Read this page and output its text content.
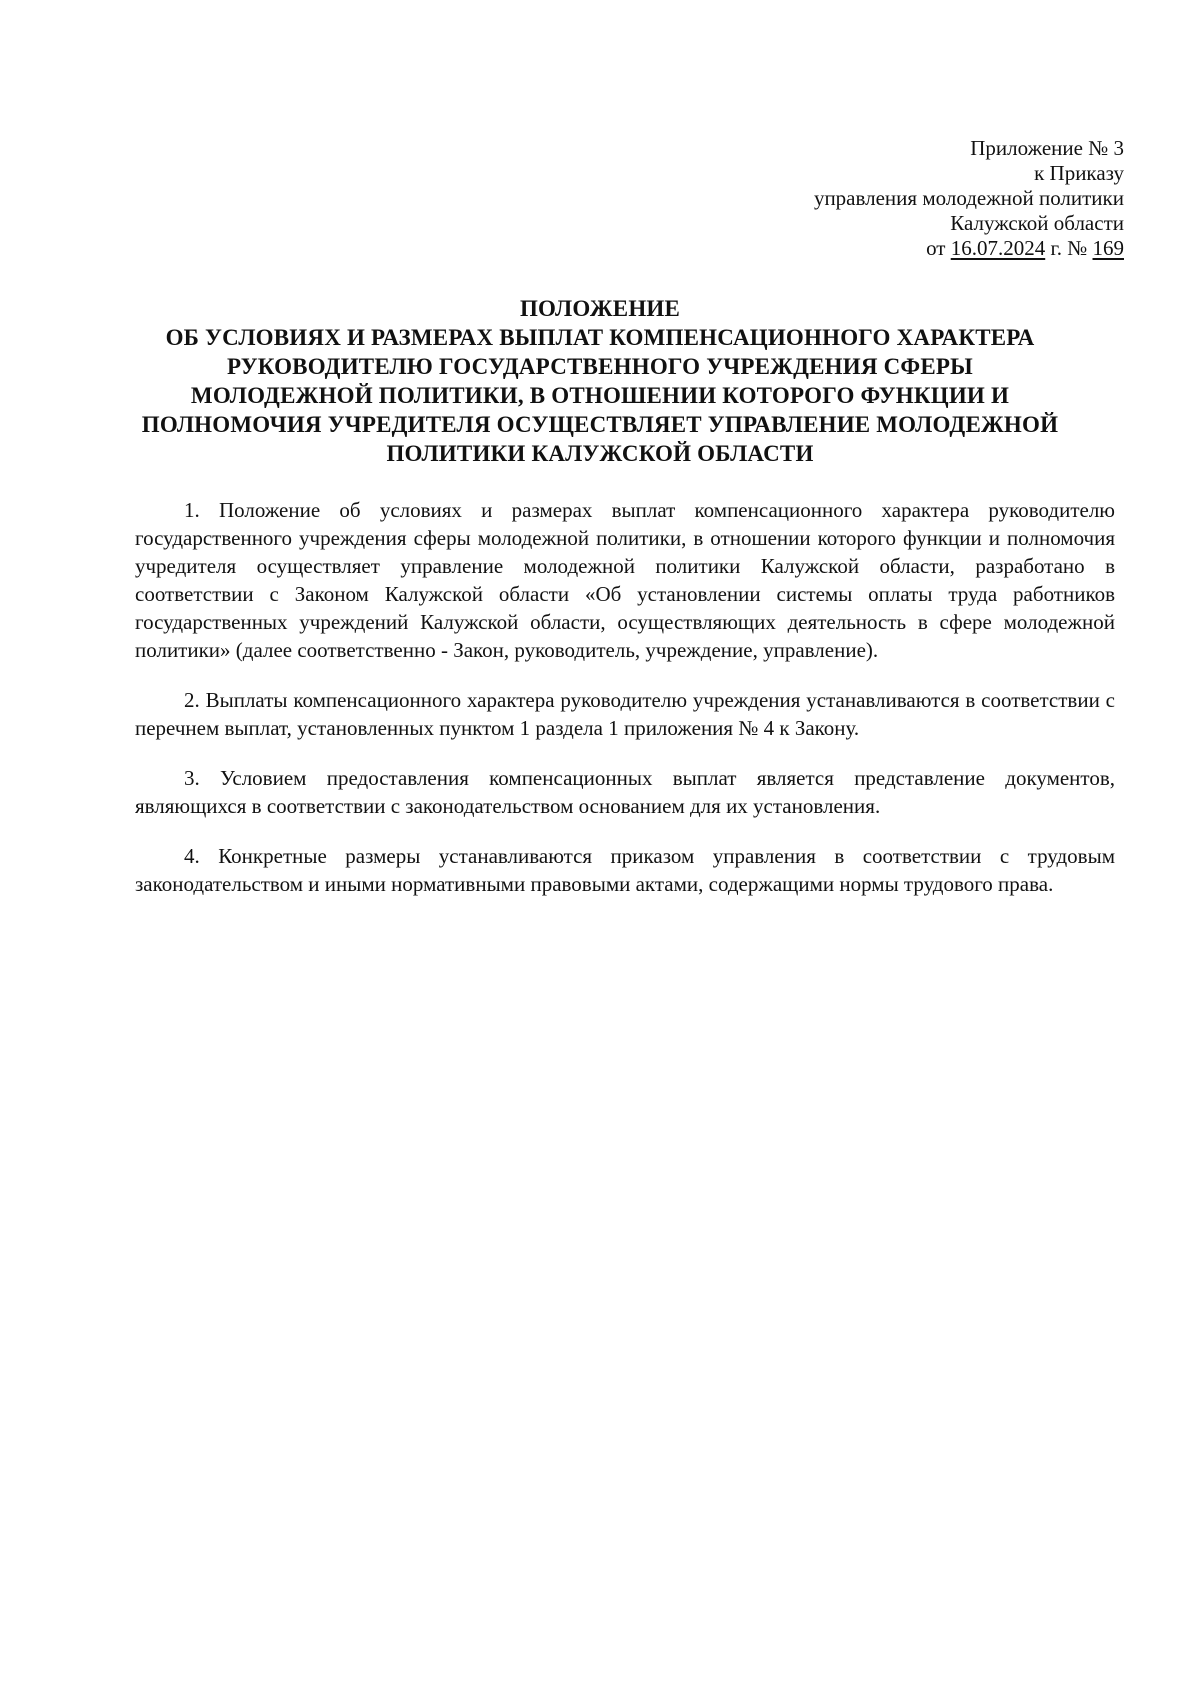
Приложение № 3
к Приказу
управления молодежной политики
Калужской области
от 16.07.2024 г. № 169
ПОЛОЖЕНИЕ
ОБ УСЛОВИЯХ И РАЗМЕРАХ ВЫПЛАТ КОМПЕНСАЦИОННОГО ХАРАКТЕРА
РУКОВОДИТЕЛЮ ГОСУДАРСТВЕННОГО УЧРЕЖДЕНИЯ СФЕРЫ
МОЛОДЕЖНОЙ ПОЛИТИКИ, В ОТНОШЕНИИ КОТОРОГО ФУНКЦИИ И
ПОЛНОМОЧИЯ УЧРЕДИТЕЛЯ ОСУЩЕСТВЛЯЕТ УПРАВЛЕНИЕ МОЛОДЕЖНОЙ
ПОЛИТИКИ КАЛУЖСКОЙ ОБЛАСТИ

1. Положение об условиях и размерах выплат компенсационного характера руководителю государственного учреждения сферы молодежной политики, в отношении которого функции и полномочия учредителя осуществляет управление молодежной политики Калужской области, разработано в соответствии с Законом Калужской области «Об установлении системы оплаты труда работников государственных учреждений Калужской области, осуществляющих деятельность в сфере молодежной политики» (далее соответственно - Закон, руководитель, учреждение, управление).

2. Выплаты компенсационного характера руководителю учреждения устанавливаются в соответствии с перечнем выплат, установленных пунктом 1 раздела 1 приложения № 4 к Закону.

3. Условием предоставления компенсационных выплат является представление документов, являющихся в соответствии с законодательством основанием для их установления.

4. Конкретные размеры устанавливаются приказом управления в соответствии с трудовым законодательством и иными нормативными правовыми актами, содержащими нормы трудового права.
